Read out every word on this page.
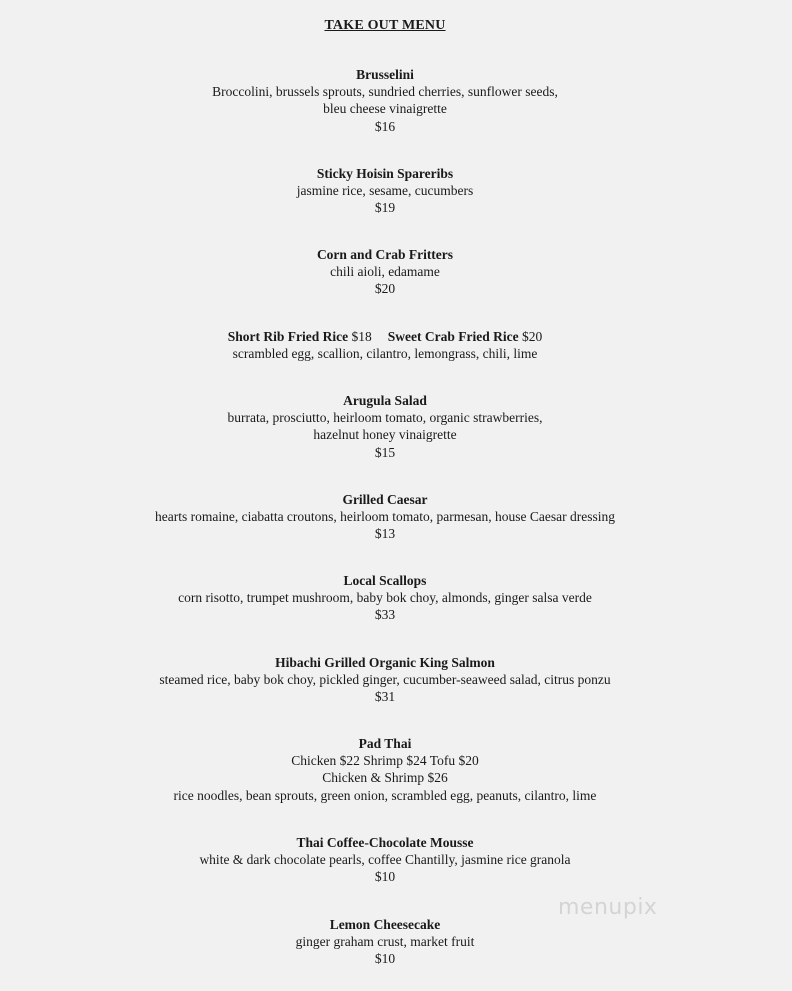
TAKE OUT MENU
Brusselini
Broccolini, brussels sprouts, sundried cherries, sunflower seeds,
bleu cheese vinaigrette
$16
Sticky Hoisin Spareribs
jasmine rice, sesame, cucumbers
$19
Corn and Crab Fritters
chili aioli, edamame
$20
Short Rib Fried Rice $18 Sweet Crab Fried Rice $20
scrambled egg, scallion, cilantro, lemongrass, chili, lime
Arugula Salad
burrata, prosciutto, heirloom tomato, organic strawberries,
hazelnut honey vinaigrette
$15
Grilled Caesar
hearts romaine, ciabatta croutons, heirloom tomato, parmesan, house Caesar dressing
$13
Local Scallops
corn risotto, trumpet mushroom, baby bok choy, almonds, ginger salsa verde
$33
Hibachi Grilled Organic King Salmon
steamed rice, baby bok choy, pickled ginger, cucumber-seaweed salad, citrus ponzu
$31
Pad Thai
Chicken $22 Shrimp $24 Tofu $20
Chicken & Shrimp $26
rice noodles, bean sprouts, green onion, scrambled egg, peanuts, cilantro, lime
Thai Coffee-Chocolate Mousse
white & dark chocolate pearls, coffee Chantilly, jasmine rice granola
$10
Lemon Cheesecake
ginger graham crust, market fruit
$10
menupix
